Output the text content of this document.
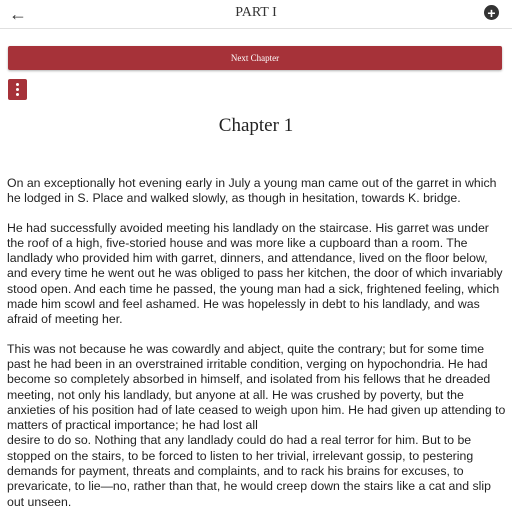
←	PART I	+
Next Chapter
Chapter 1

On an exceptionally hot evening early in July a young man came out of the garret in which he lodged in S. Place and walked slowly, as though in hesitation, towards K. bridge.

He had successfully avoided meeting his landlady on the staircase. His garret was under the roof of a high, five-storied house and was more like a cupboard than a room. The landlady who provided him with garret, dinners, and attendance, lived on the floor below, and every time he went out he was obliged to pass her kitchen, the door of which invariably stood open. And each time he passed, the young man had a sick, frightened feeling, which made him scowl and feel ashamed. He was hopelessly in debt to his landlady, and was afraid of meeting her.

This was not because he was cowardly and abject, quite the contrary; but for some time past he had been in an overstrained irritable condition, verging on hypochondria. He had become so completely absorbed in himself, and isolated from his fellows that he dreaded meeting, not only his landlady, but anyone at all. He was crushed by poverty, but the anxieties of his position had of late ceased to weigh upon him. He had given up attending to matters of practical importance; he had lost all

desire to do so. Nothing that any landlady could do had a real terror for him. But to be stopped on the stairs, to be forced to listen to her trivial, irrelevant gossip, to pestering demands for payment, threats and complaints, and to rack his brains for excuses, to prevaricate, to lie—no, rather than that, he would creep down the stairs like a cat and slip out unseen.
